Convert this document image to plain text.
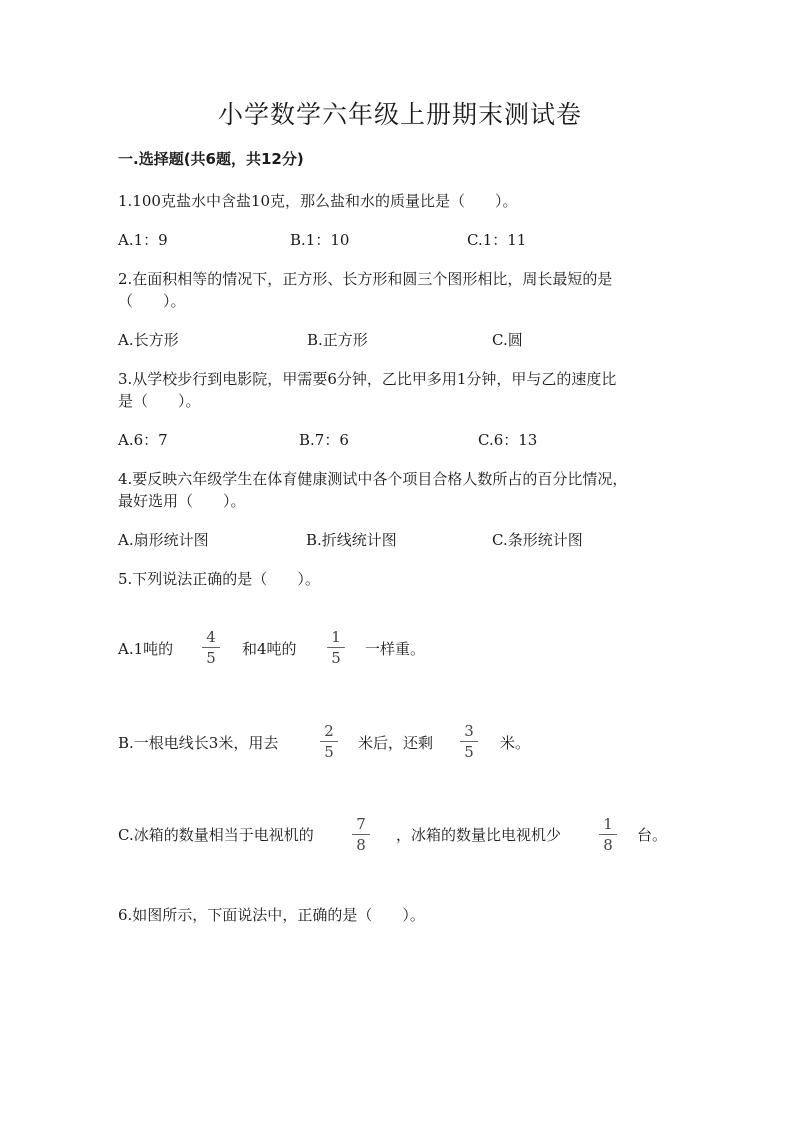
小学数学六年级上册期末测试卷
一.选择题(共6题，共12分)
1.100克盐水中含盐10克，那么盐和水的质量比是（　　）。
A.1：9	B.1：10	C.1：11
2.在面积相等的情况下，正方形、长方形和圆三个图形相比，周长最短的是
（　　）。
A.长方形	B.正方形	C.圆
3.从学校步行到电影院，甲需要6分钟，乙比甲多用1分钟，甲与乙的速度比
是（　　）。
A.6：7	B.7：6	C.6：13
4.要反映六年级学生在体育健康测试中各个项目合格人数所占的百分比情况，
最好选用（　　）。
A.扇形统计图	B.折线统计图	C.条形统计图
5.下列说法正确的是（　　）。
A.1吨的
4
5	和4吨的
1
5	一样重。
B.一根电线长3米，用去
2
5	米后，还剩
3
5	米。
C.冰箱的数量相当于电视机的
7
8
，冰箱的数量比电视机少
1
8
台。
6.如图所示，下面说法中，正确的是（　　）。
